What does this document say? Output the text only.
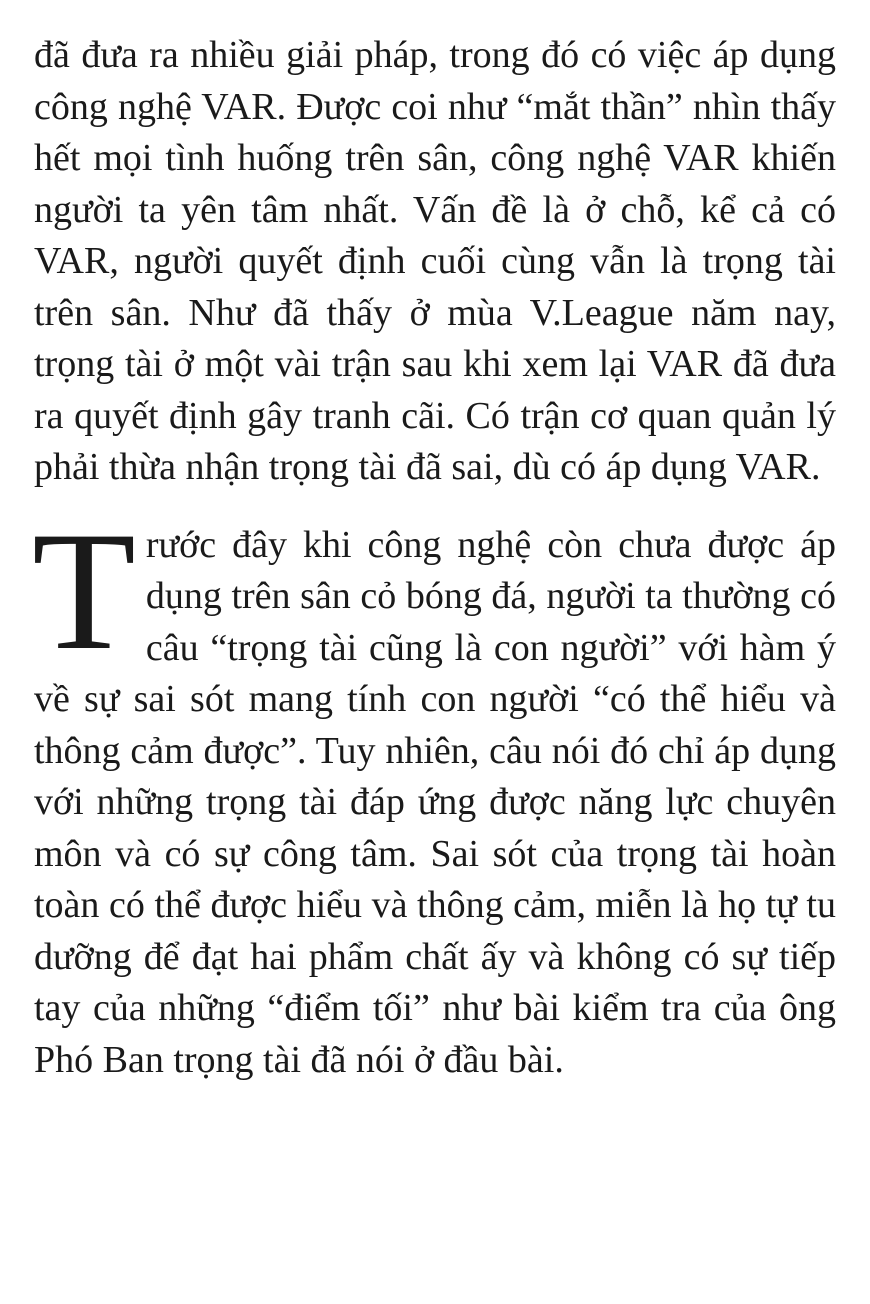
đã đưa ra nhiều giải pháp, trong đó có việc áp dụng công nghệ VAR. Được coi như “mắt thần” nhìn thấy hết mọi tình huống trên sân, công nghệ VAR khiến người ta yên tâm nhất. Vấn đề là ở chỗ, kể cả có VAR, người quyết định cuối cùng vẫn là trọng tài trên sân. Như đã thấy ở mùa V.League năm nay, trọng tài ở một vài trận sau khi xem lại VAR đã đưa ra quyết định gây tranh cãi. Có trận cơ quan quản lý phải thừa nhận trọng tài đã sai, dù có áp dụng VAR.

Trước đây khi công nghệ còn chưa được áp dụng trên sân cỏ bóng đá, người ta thường có câu “trọng tài cũng là con người” với hàm ý về sự sai sót mang tính con người “có thể hiểu và thông cảm được”. Tuy nhiên, câu nói đó chỉ áp dụng với những trọng tài đáp ứng được năng lực chuyên môn và có sự công tâm. Sai sót của trọng tài hoàn toàn có thể được hiểu và thông cảm, miễn là họ tự tu dưỡng để đạt hai phẩm chất ấy và không có sự tiếp tay của những “điểm tối” như bài kiểm tra của ông Phó Ban trọng tài đã nói ở đầu bài.
